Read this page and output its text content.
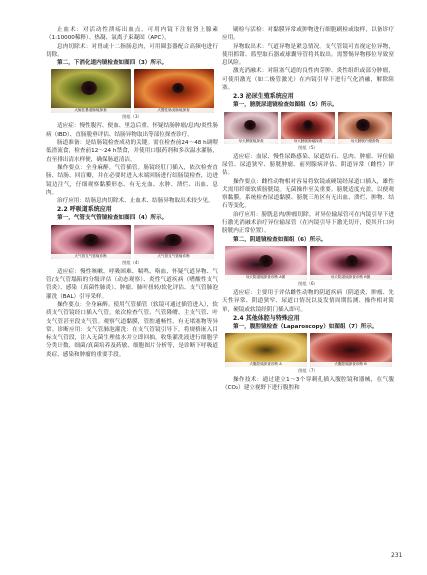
止血术：对活动性溃疡出血点，可用内镜下注射肾上腺素（1:10000稀释）、热凝、氩离子束凝固（APC）。

息肉切除术：对胃或十二指肠息肉，可用圈套器配合高频电进行切除。

第二，下消化道内镜检查如图四（3）所示。

大肠狂暴道肠镜探查	犬慢性肠炎肠镜探查
图组（3）

适应症：慢性腹泻、便血、里急后重、怀疑结肠肿瘤/息肉/炎性肠病（IBD）、直肠脱垂评估、结肠异物取出等部位探查诊疗。

肠道准备：是结肠镜检查成功的关键。需在检查前24～48 h调喂低渣流食，检查前12～24 h禁食，并使用口服药剂和多次温水灌肠，直至排出清水样便，确保肠道清洁。

操作要点：全身麻醉。气管插管。肠镜经肛门插入，依次检查直肠、结肠、回盲瓣，并在必要时进入末端回肠进行结肠镜检查，边进镜边注气，仔细观察黏膜形态、有无充血、水肿、溃烂、出血、息肉。

治疗应用：结肠息肉切除术、止血术、结肠异物取出术较少见。

2.2 呼吸道系统应用

第一，气管支气管镜检查如图四（4）所示。

犬气管支气管镜诊断	犬气管支气管镜诊断
图组（4）

适应症：慢性咳嗽、呼吸困难、喘鸣、咯血、怀疑气道异物、气管/支气管塌陷的分级评估（动态观察）、炎性气道疾病（嗜酸性支气管炎）、感染（真菌性肺炎）、肿瘤、肺叶扭转/软化评估、支气管肺泡灌洗（BAL）引导采样。

操作要点：全身麻醉。使用气管插管（软镜可通过插管进入），软质支气管镜经口插入气管，依次检查气管、气管隆嵴、主支气管、叶支气管甚至段支气管。观察气道黏膜，管腔通畅性、有无堵塞物等异常。诊断应用：支气管肺泡灌洗：在支气管镜引导下，将规格嵌入目标支气管段，注入无菌生理盐水并立即回抽，收集灌洗液进行细胞学分类计数、细菌/真菌培养及药敏、细胞图片分析等，是诊断下呼吸道炎症、感染和肿瘤的重要手段。

刷检与活检：对黏膜异常或肿物进行细胞刷检或取样，以备诊疗应用。

异物取出术：气道异物是紧急情况。支气管镜可直视定位异物，使用抓钳、篮型取石器或球囊导管将其取出。需警惕异物移位导致窒息风险。

激光消融术：对阻塞气道的良性肉芽肿、炎性组织或部分肿瘤，可使用激光（如二极管激光）在内镜引导下进行气化消融，解除阻塞。

2.3 泌尿生殖系统应用

第一，膀胱尿道镜检查如图组（5）所示。

母犬膀胱镜探查	母犬膀胱肿瘤探查	母犬膀胱内壁肿物
图组（5）

适应症：血尿、慢性尿路感染、尿道结石、息肉、肿瘤、异位输尿管、尿道狭窄、膀胱肿瘤、前列腺病评估、阴道异常（雌性）评估。

操作要点：雌性动物相对容易将软镜或硬镜经尿道口插入，雄性犬需用纤细软质膀胱镜。无菌操作至关重要。膀胱适度充盈，以便观察黏膜。系统检查尿道黏膜、膀胱三角区有无出血、溃烂、肿物、结石等变化。

治疗应用：膀胱息肉/肿瘤切除。对异位输尿管可在内镜引导下进行激光消融术治疗异位输尿管（在内镜引导下激光切开，使其开口向膀胱内正常位置）。

第二，阴道镜检查如图组（6）所示。

母犬阴道镜探查诊断 A图	母犬阴道镜探查诊断 B图
图组（6）

适应症：主要用于评估雌性动物的阴道疾病（阴道炎、肿瘤、先天性异常、阴道狭窄、尿道口情况以及发情周期监测、操作相对简单，硬镜或软镜经阴门插入即可。

2.4 其他体腔与特殊应用

第一，腹腔镜检查（Laparoscopy）如图组（7）所示。

犬腹腔镜探查诊断 A	犬腹腔镜探查诊断 B
图组（7）

操作技术：通过建立1～3个穿刺孔插入腹腔镜和器械，在气腹（CO₂）建立视野下进行腹腔和

231
